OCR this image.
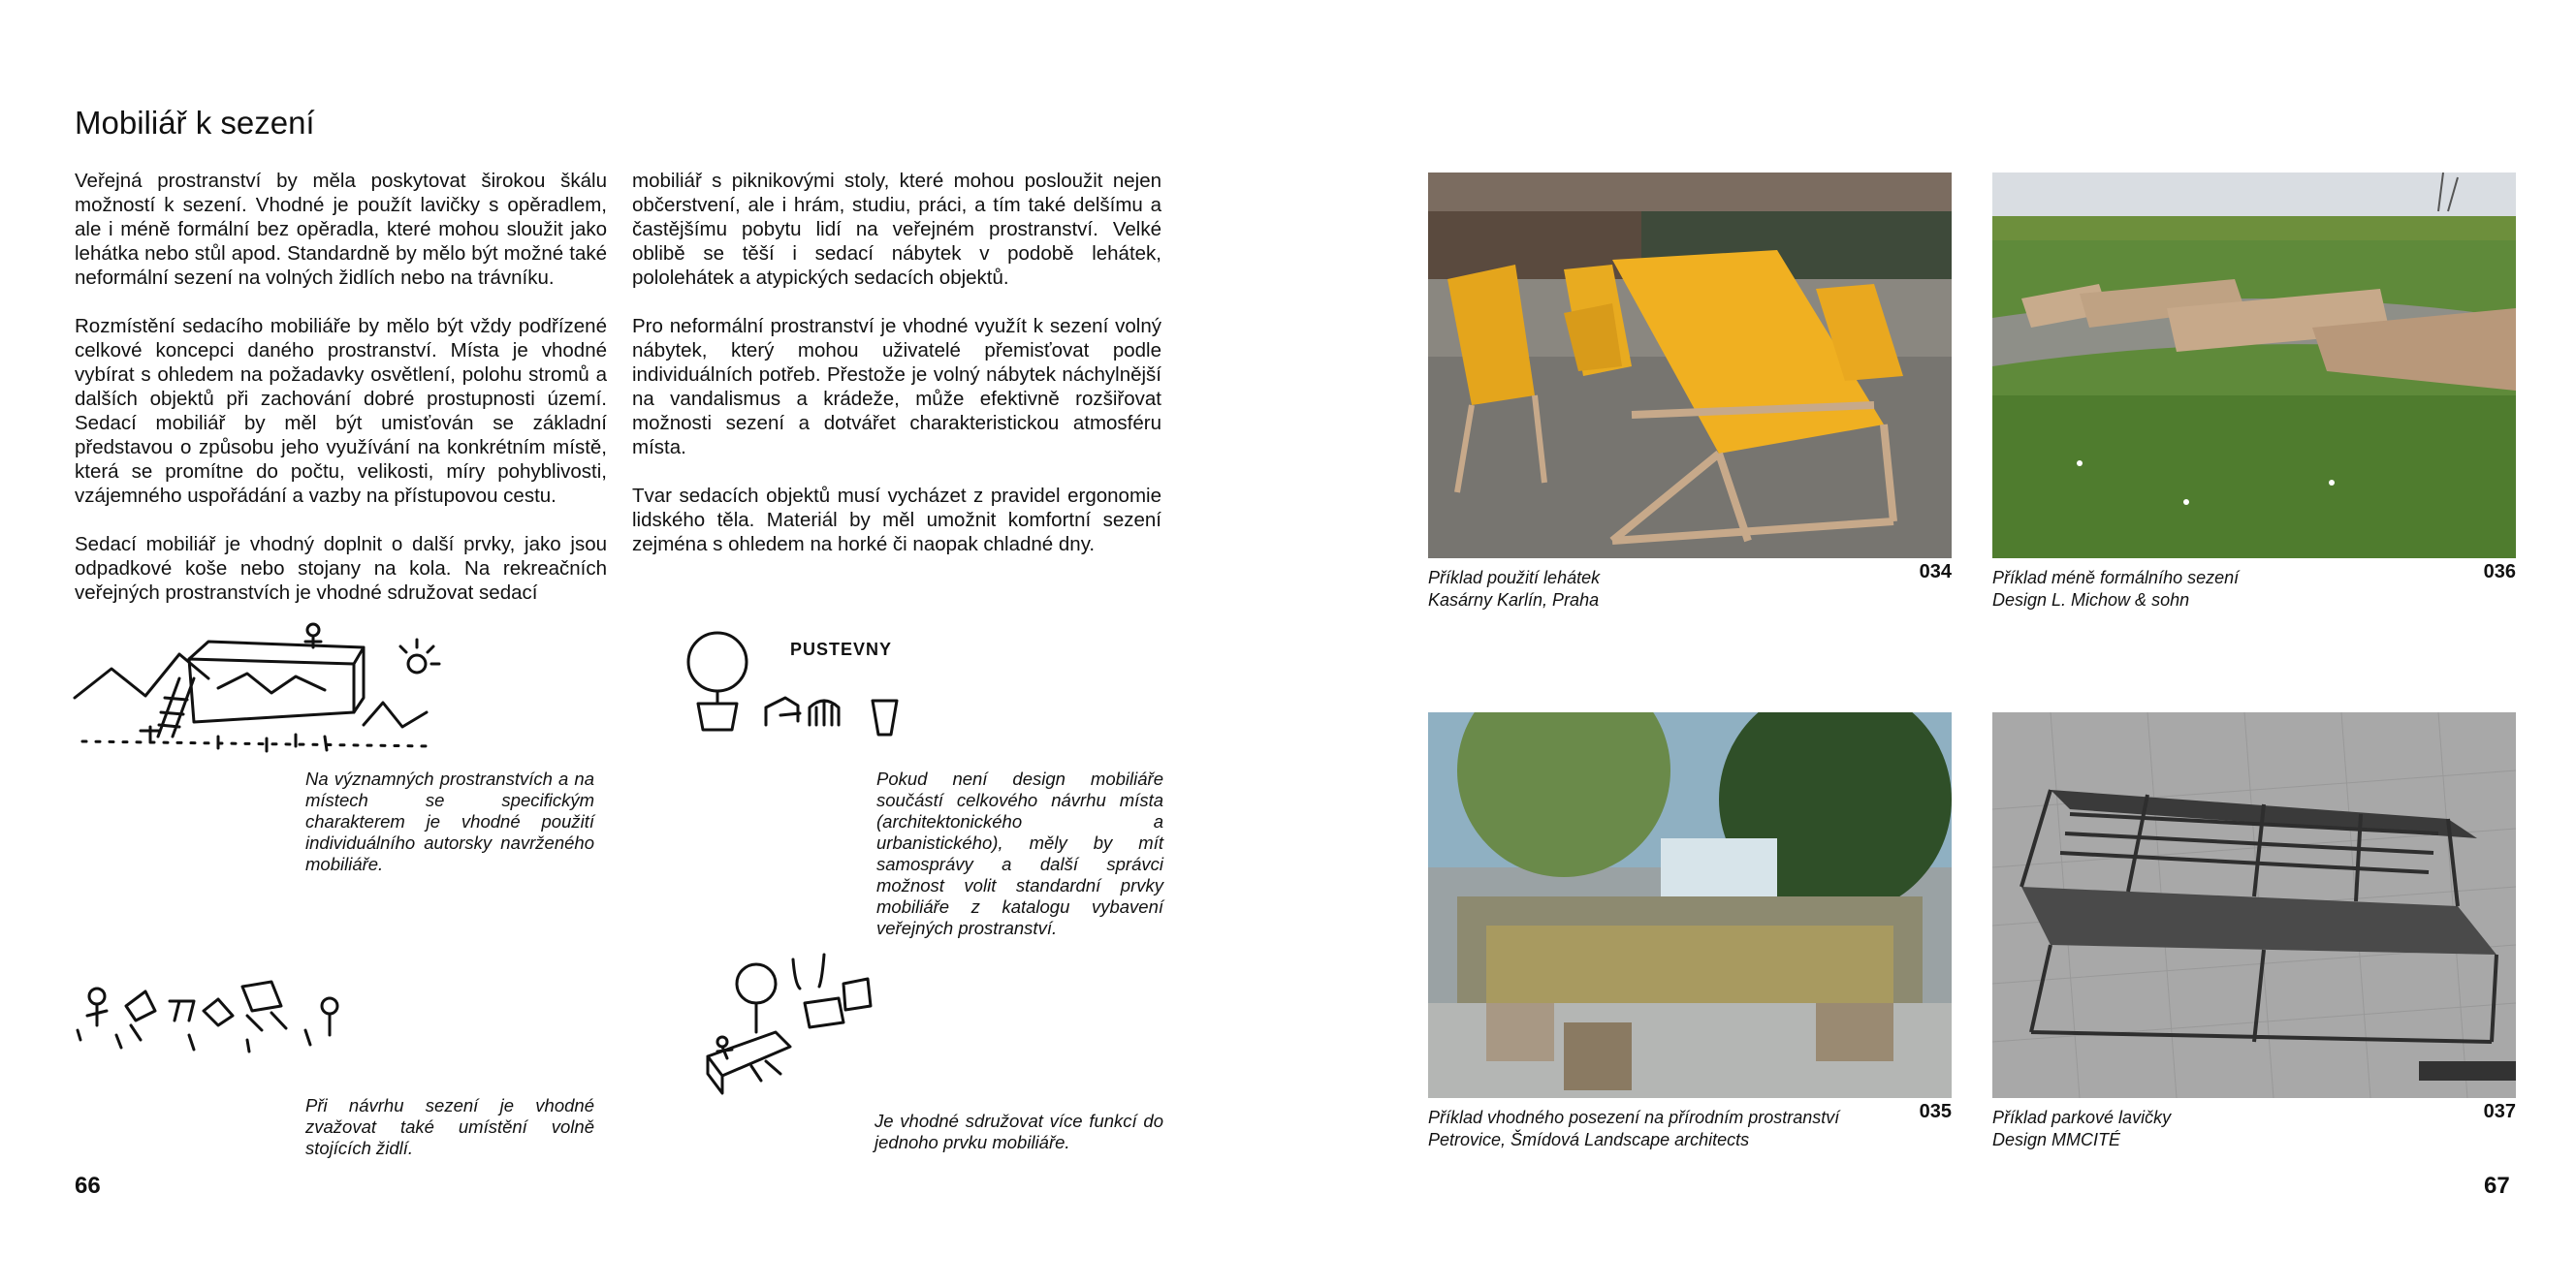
Mobiliář k sezení

Veřejná prostranství by měla poskytovat širokou škálu možností k sezení. Vhodné je použít lavičky s opěradlem, ale i méně formální bez opěradla, které mohou sloužit jako lehátka nebo stůl apod. Standardně by mělo být možné také neformální sezení na volných židlích nebo na trávníku.

Rozmístění sedacího mobiliáře by mělo být vždy podřízené celkové koncepci daného prostranství. Místa je vhodné vybírat s ohledem na požadavky osvětlení, polohu stromů a dalších objektů při zachování dobré prostupnosti území. Sedací mobiliář by měl být umisťován se základní představou o způsobu jeho využívání na konkrétním místě, která se promítne do počtu, velikosti, míry pohyblivosti, vzájemného uspořádání a vazby na přístupovou cestu.

Sedací mobiliář je vhodný doplnit o další prvky, jako jsou odpadkové koše nebo stojany na kola. Na rekreačních veřejných prostranstvích je vhodné sdružovat sedací

mobiliář s piknikovými stoly, které mohou posloužit nejen občerstvení, ale i hrám, studiu, práci, a tím také delšímu a častějšímu pobytu lidí na veřejném prostranství. Velké oblibě se těší i sedací nábytek v podobě lehátek, pololehátek a atypických sedacích objektů.

Pro neformální prostranství je vhodné využít k sezení volný nábytek, který mohou uživatelé přemisťovat podle individuálních potřeb. Přestože je volný nábytek náchylnější na vandalismus a krádeže, může efektivně rozšiřovat možnosti sezení a dotvářet charakteristickou atmosféru místa.

Tvar sedacích objektů musí vycházet z pravidel ergonomie lidského těla. Materiál by měl umožnit komfortní sezení zejména s ohledem na horké či naopak chladné dny.

Na významných prostranstvích a na místech se specifickým charakterem je vhodné použití individuálního autorsky navrženého mobiliáře.
PUSTEVNY
Pokud není design mobiliáře součástí celkového návrhu místa (architektonického a urbanistického), měly by mít samosprávy a další správci možnost volit standardní prvky mobiliáře z katalogu vybavení veřejných prostranství.
Při návrhu sezení je vhodné zvažovat také umístění volně stojících židlí.
Je vhodné sdružovat více funkcí do jednoho prvku mobiliáře.
66	67
034
Příklad použití lehátek
Kasárny Karlín, Praha
036
Příklad méně formálního sezení
Design L. Michow & sohn
035
Příklad vhodného posezení na přírodním prostranství
Petrovice, Šmídová Landscape architects
037
Příklad parkové lavičky
Design MMCITÉ
